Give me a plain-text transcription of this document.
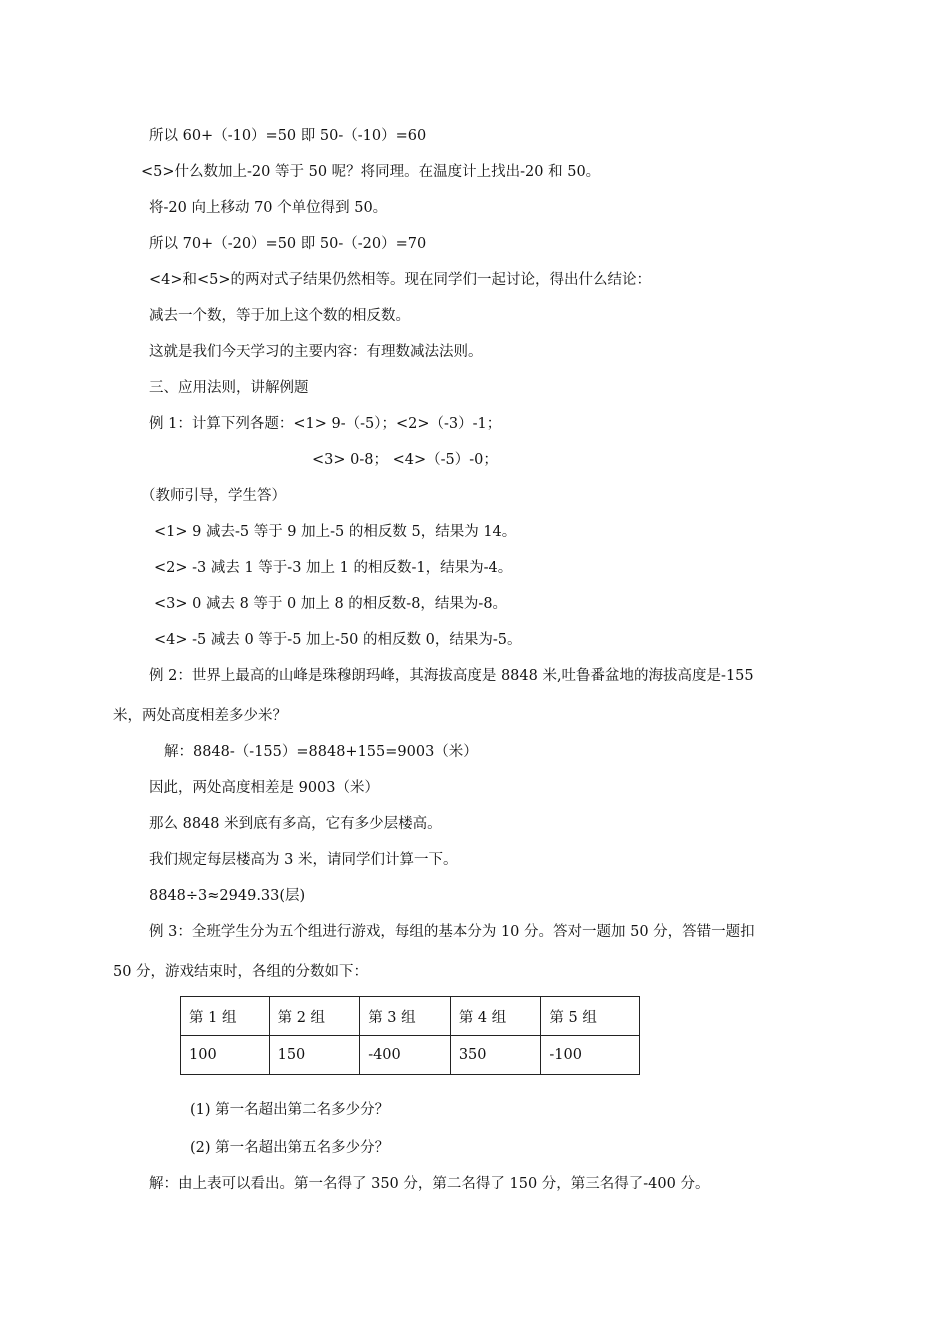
所以 60+（-10）=50 即 50-（-10）=60
<5>什么数加上-20 等于 50 呢？将同理。在温度计上找出-20 和 50。
将-20 向上移动 70 个单位得到 50。
所以 70+（-20）=50 即 50-（-20）=70
<4>和<5>的两对式子结果仍然相等。现在同学们一起讨论，得出什么结论：
减去一个数，等于加上这个数的相反数。
这就是我们今天学习的主要内容：有理数减法法则。
三、应用法则，讲解例题
例 1：计算下列各题：<1> 9-（-5）；<2>（-3）-1；
<3> 0-8； <4>（-5）-0；
（教师引导，学生答）
<1> 9 减去-5 等于 9 加上-5 的相反数 5，结果为 14。
<2> -3 减去 1 等于-3 加上 1 的相反数-1，结果为-4。
<3> 0 减去 8 等于 0 加上 8 的相反数-8，结果为-8。
<4> -5 减去 0 等于-5 加上-50 的相反数 0，结果为-5。
例 2：世界上最高的山峰是珠穆朗玛峰，其海拔高度是 8848 米,吐鲁番盆地的海拔高度是-155
米，两处高度相差多少米？
解：8848-（-155）=8848+155=9003（米）
因此，两处高度相差是 9003（米）
那么 8848 米到底有多高，它有多少层楼高。
我们规定每层楼高为 3 米，请同学们计算一下。
8848÷3≈2949.33(层)
例 3：全班学生分为五个组进行游戏，每组的基本分为 10 分。答对一题加 50 分，答错一题扣
50 分，游戏结束时，各组的分数如下：
第 1 组	第 2 组	第 3 组	第 4 组	第 5 组
100	150	-400	350	-100
(1) 第一名超出第二名多少分？
(2) 第一名超出第五名多少分？
解：由上表可以看出。第一名得了 350 分，第二名得了 150 分，第三名得了-400 分。
